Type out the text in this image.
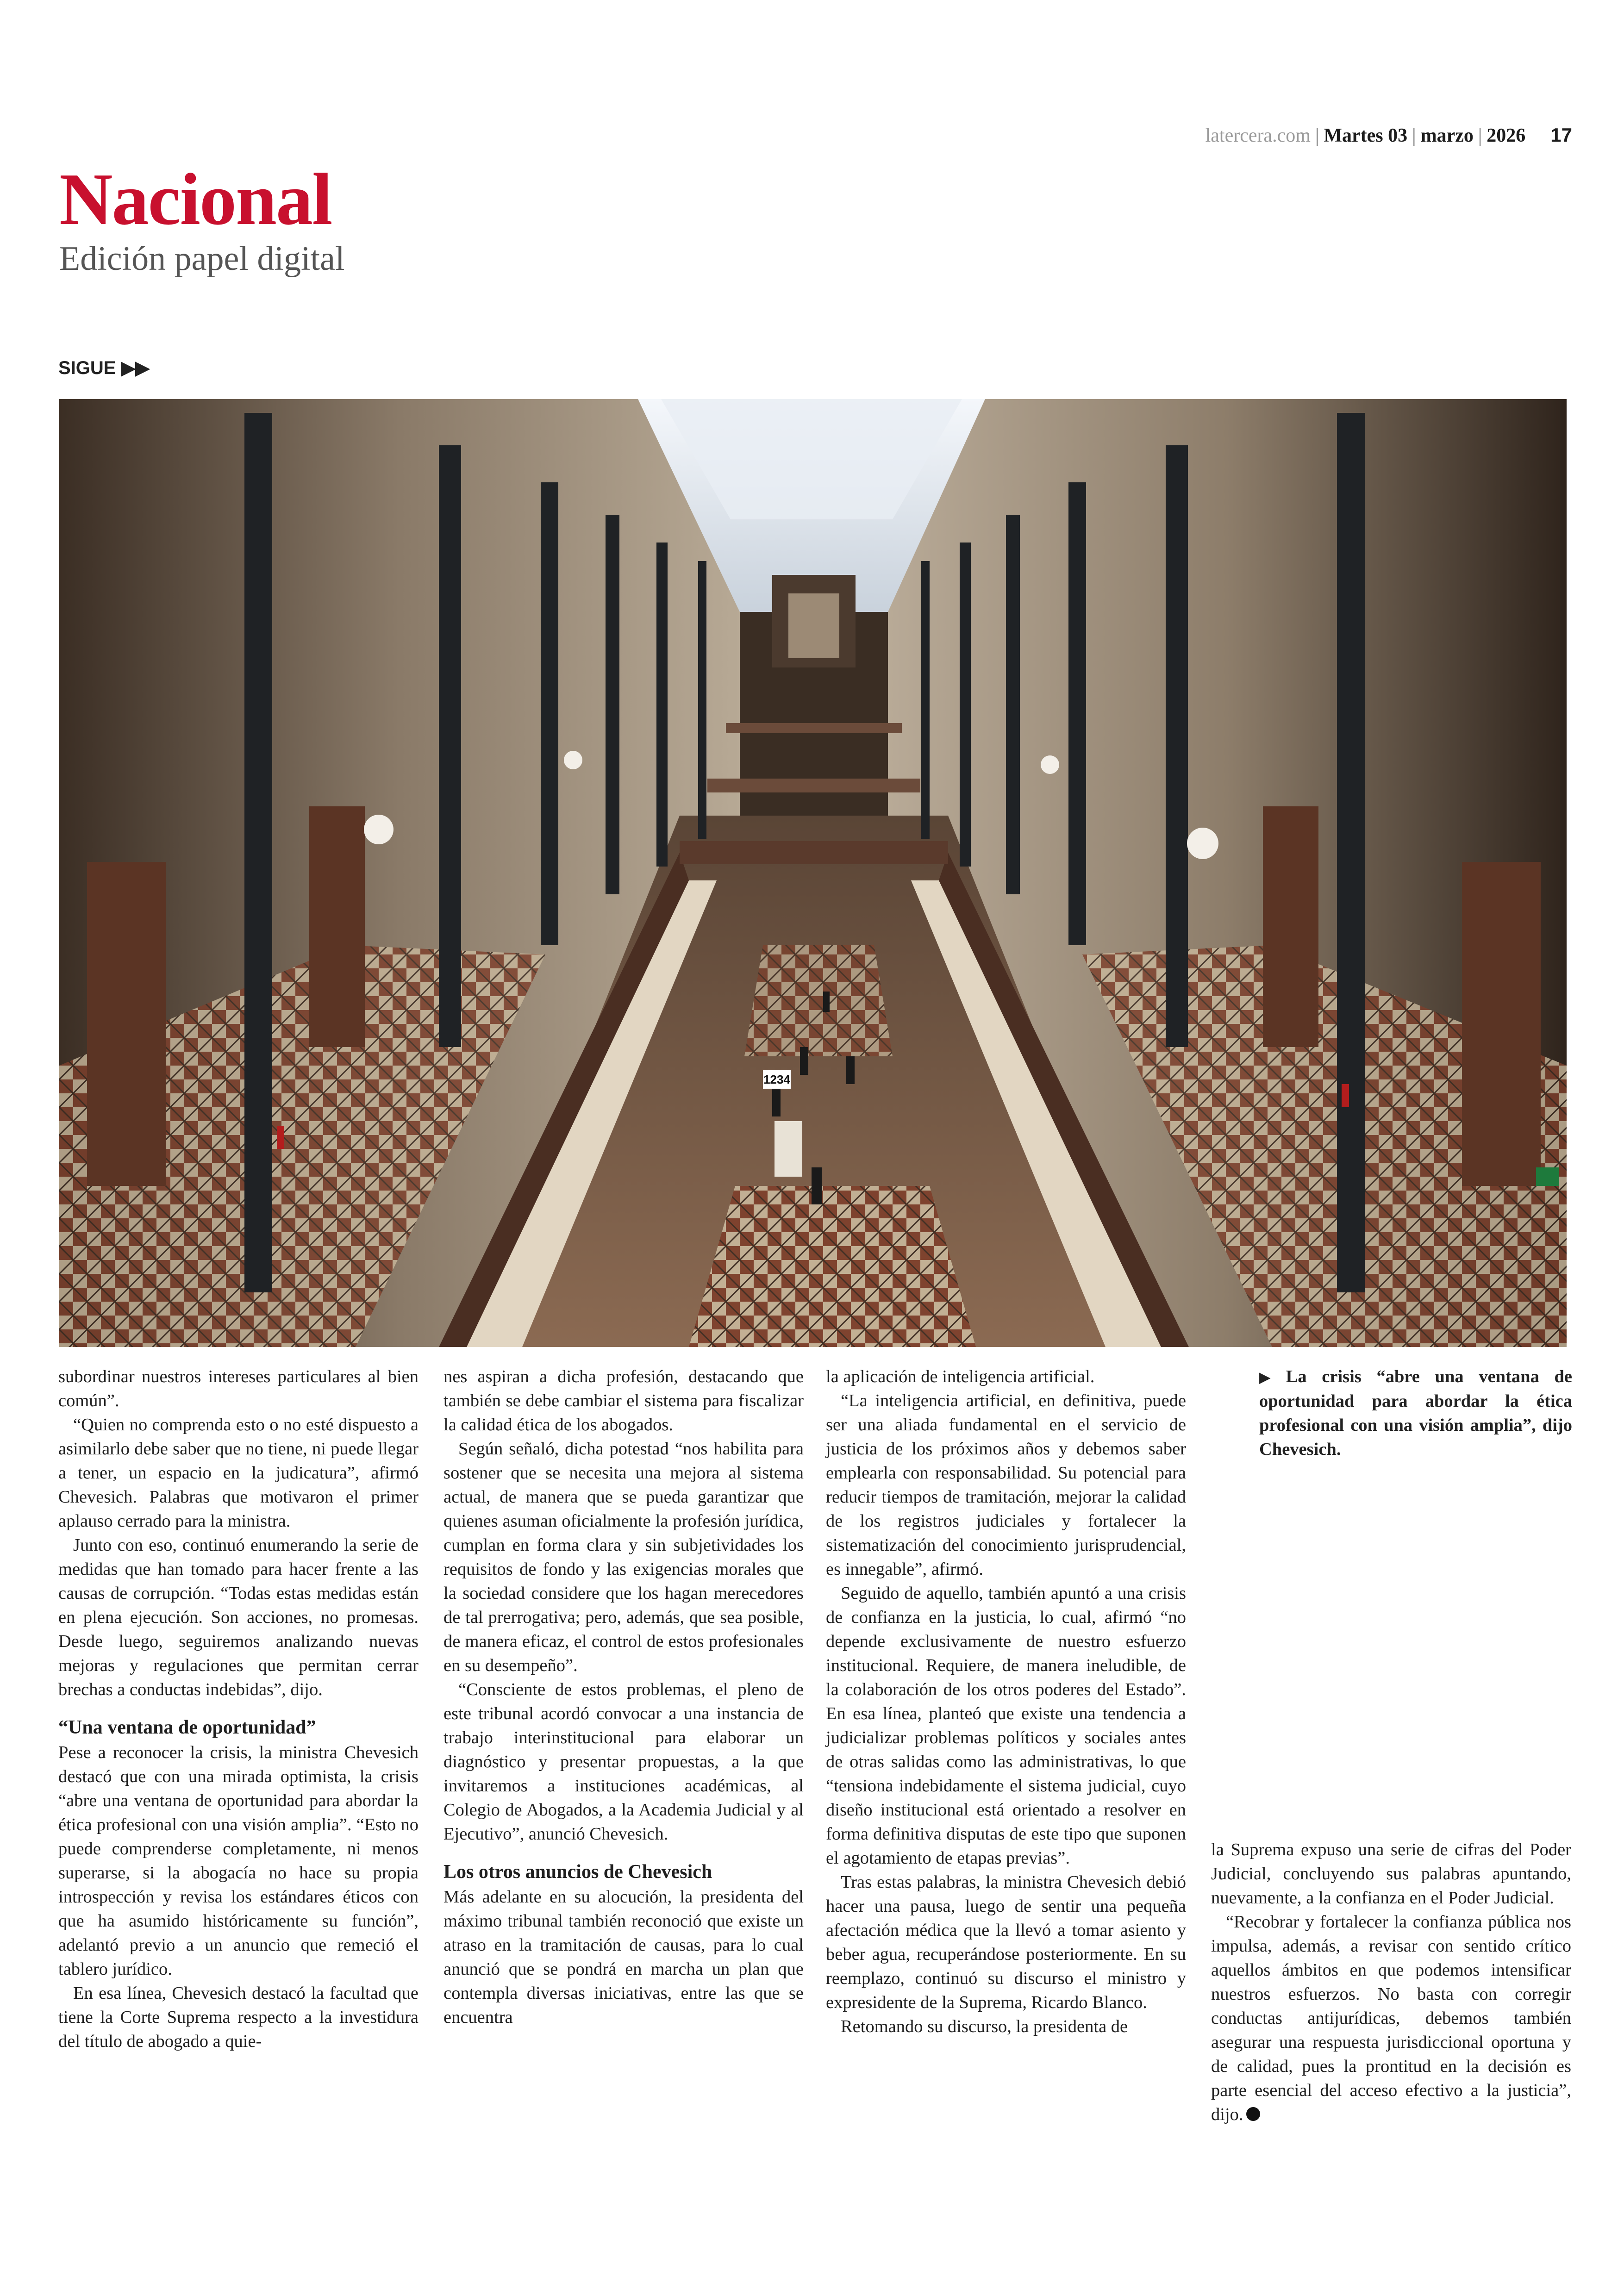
latercera.com | Martes 03 | marzo | 2026 17
Nacional
Edición papel digital
SIGUE ▶▶
1234

subordinar nuestros intereses particulares al bien común”.

“Quien no comprenda esto o no esté dispuesto a asimilarlo debe saber que no tiene, ni puede llegar a tener, un espacio en la judicatura”, afirmó Chevesich. Palabras que motivaron el primer aplauso cerrado para la ministra.

Junto con eso, continuó enumerando la serie de medidas que han tomado para hacer frente a las causas de corrupción. “Todas estas medidas están en plena ejecución. Son acciones, no promesas. Desde luego, seguiremos analizando nuevas mejoras y regulaciones que permitan cerrar brechas a conductas indebidas”, dijo.

“Una ventana de oportunidad”

Pese a reconocer la crisis, la ministra Chevesich destacó que con una mirada optimista, la crisis “abre una ventana de oportunidad para abordar la ética profesional con una visión amplia”. “Esto no puede comprenderse completamente, ni menos superarse, si la abogacía no hace su propia introspección y revisa los estándares éticos con que ha asumido históricamente su función”, adelantó previo a un anuncio que remeció el tablero jurídico.

En esa línea, Chevesich destacó la facultad que tiene la Corte Suprema respecto a la investidura del título de abogado a quie-

nes aspiran a dicha profesión, destacando que también se debe cambiar el sistema para fiscalizar la calidad ética de los abogados.

Según señaló, dicha potestad “nos habilita para sostener que se necesita una mejora al sistema actual, de manera que se pueda garantizar que quienes asuman oficialmente la profesión jurídica, cumplan en forma clara y sin subjetividades los requisitos de fondo y las exigencias morales que la sociedad considere que los hagan merecedores de tal prerrogativa; pero, además, que sea posible, de manera eficaz, el control de estos profesionales en su desempeño”.

“Consciente de estos problemas, el pleno de este tribunal acordó convocar a una instancia de trabajo interinstitucional para elaborar un diagnóstico y presentar propuestas, a la que invitaremos a instituciones académicas, al Colegio de Abogados, a la Academia Judicial y al Ejecutivo”, anunció Chevesich.

Los otros anuncios de Chevesich

Más adelante en su alocución, la presidenta del máximo tribunal también reconoció que existe un atraso en la tramitación de causas, para lo cual anunció que se pondrá en marcha un plan que contempla diversas iniciativas, entre las que se encuentra

la aplicación de inteligencia artificial.

“La inteligencia artificial, en definitiva, puede ser una aliada fundamental en el servicio de justicia de los próximos años y debemos saber emplearla con responsabilidad. Su potencial para reducir tiempos de tramitación, mejorar la calidad de los registros judiciales y fortalecer la sistematización del conocimiento jurisprudencial, es innegable”, afirmó.

Seguido de aquello, también apuntó a una crisis de confianza en la justicia, lo cual, afirmó “no depende exclusivamente de nuestro esfuerzo institucional. Requiere, de manera ineludible, de la colaboración de los otros poderes del Estado”. En esa línea, planteó que existe una tendencia a judicializar problemas políticos y sociales antes de otras salidas como las administrativas, lo que “tensiona indebidamente el sistema judicial, cuyo diseño institucional está orientado a resolver en forma definitiva disputas de este tipo que suponen el agotamiento de etapas previas”.

Tras estas palabras, la ministra Chevesich debió hacer una pausa, luego de sentir una pequeña afectación médica que la llevó a tomar asiento y beber agua, recuperándose posteriormente. En su reemplazo, continuó su discurso el ministro y expresidente de la Suprema, Ricardo Blanco.

Retomando su discurso, la presidenta de

▶ La crisis “abre una ventana de oportunidad para abordar la ética profesional con una visión amplia”, dijo Chevesich.

la Suprema expuso una serie de cifras del Poder Judicial, concluyendo sus palabras apuntando, nuevamente, a la confianza en el Poder Judicial.

“Recobrar y fortalecer la confianza pública nos impulsa, además, a revisar con sentido crítico aquellos ámbitos en que podemos intensificar nuestros esfuerzos. No basta con corregir conductas antijurídicas, debemos también asegurar una respuesta jurisdiccional oportuna y de calidad, pues la prontitud en la decisión es parte esencial del acceso efectivo a la justicia”, dijo.
